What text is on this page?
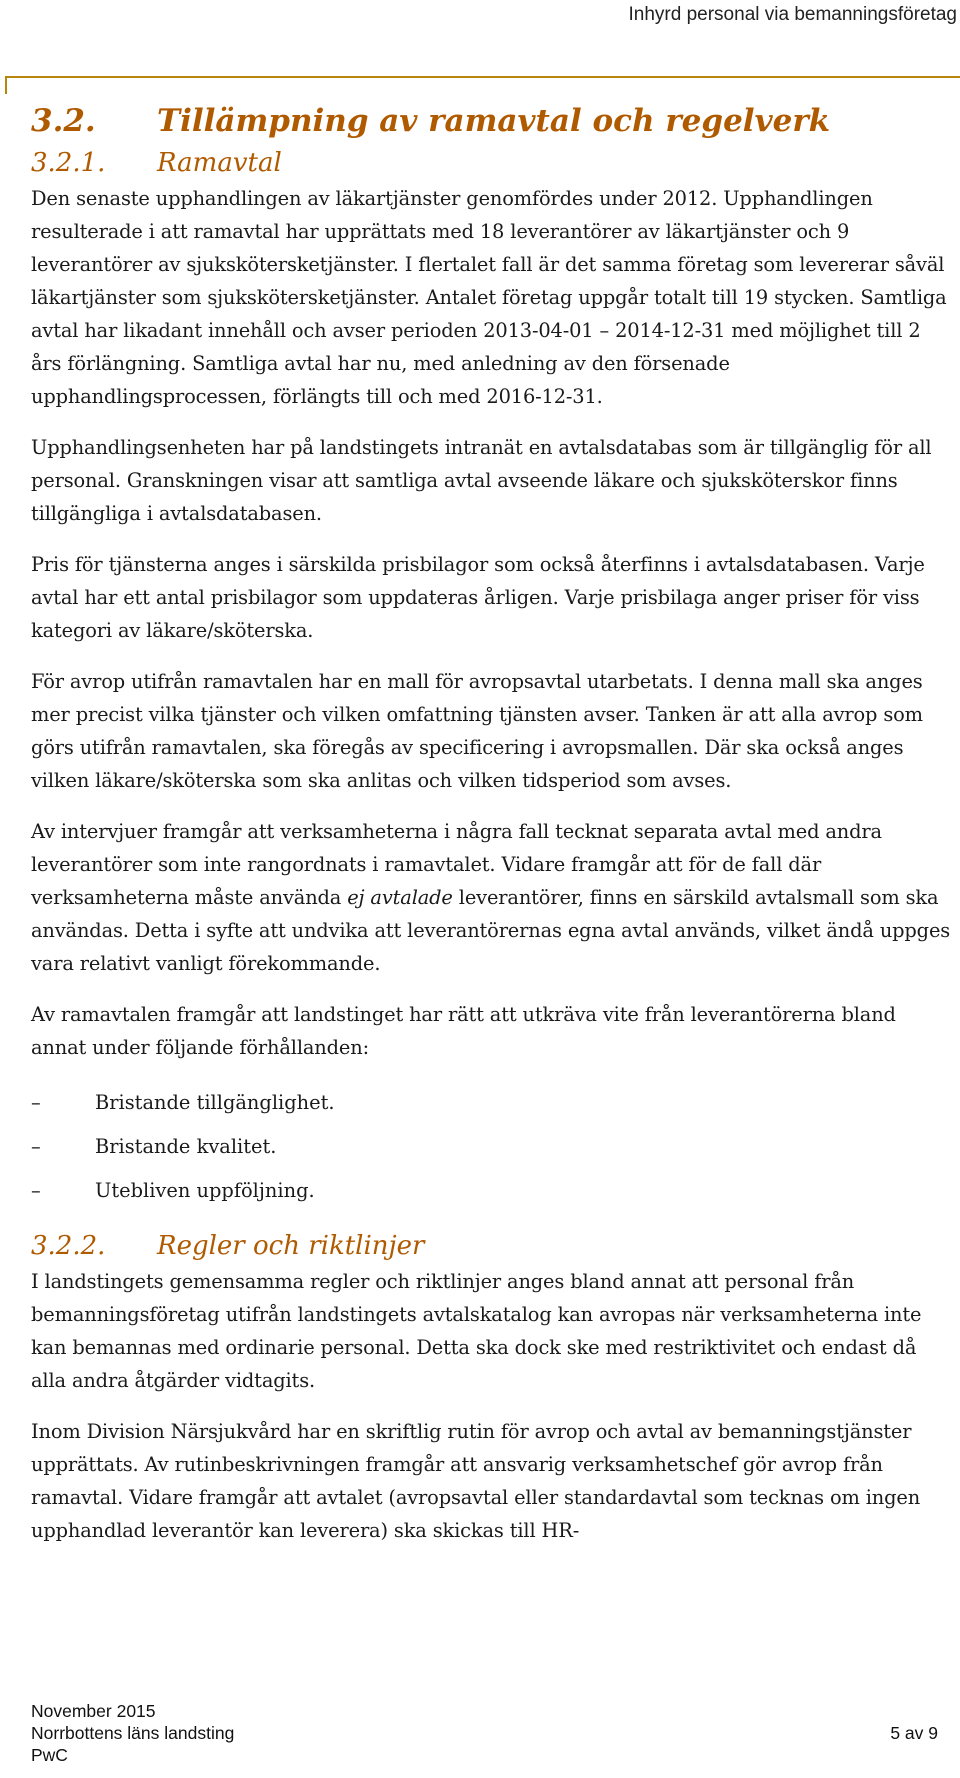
Inhyrd personal via bemanningsföretag
3.2. Tillämpning av ramavtal och regelverk
3.2.1. Ramavtal

Den senaste upphandlingen av läkartjänster genomfördes under 2012. Upphandlingen resulterade i att ramavtal har upprättats med 18 leverantörer av läkartjänster och 9 leverantörer av sjukskötersketjänster. I flertalet fall är det samma företag som levererar såväl läkartjänster som sjukskötersketjänster. Antalet företag uppgår totalt till 19 stycken. Samtliga avtal har likadant innehåll och avser perioden 2013-04-01 – 2014-12-31 med möjlighet till 2 års förlängning. Samtliga avtal har nu, med anledning av den försenade upphandlingsprocessen, förlängts till och med 2016-12-31.

Upphandlingsenheten har på landstingets intranät en avtalsdatabas som är tillgänglig för all personal. Granskningen visar att samtliga avtal avseende läkare och sjuksköterskor finns tillgängliga i avtalsdatabasen.

Pris för tjänsterna anges i särskilda prisbilagor som också återfinns i avtalsdatabasen. Varje avtal har ett antal prisbilagor som uppdateras årligen. Varje prisbilaga anger priser för viss kategori av läkare/sköterska.

För avrop utifrån ramavtalen har en mall för avropsavtal utarbetats. I denna mall ska anges mer precist vilka tjänster och vilken omfattning tjänsten avser. Tanken är att alla avrop som görs utifrån ramavtalen, ska föregås av specificering i avropsmallen. Där ska också anges vilken läkare/sköterska som ska anlitas och vilken tidsperiod som avses.

Av intervjuer framgår att verksamheterna i några fall tecknat separata avtal med andra leverantörer som inte rangordnats i ramavtalet. Vidare framgår att för de fall där verksamheterna måste använda ej avtalade leverantörer, finns en särskild avtalsmall som ska användas. Detta i syfte att undvika att leverantörernas egna avtal används, vilket ändå uppges vara relativt vanligt förekommande.

Av ramavtalen framgår att landstinget har rätt att utkräva vite från leverantörerna bland annat under följande förhållanden:

–	Bristande tillgänglighet.
–	Bristande kvalitet.
–	Utebliven uppföljning.
3.2.2. Regler och riktlinjer

I landstingets gemensamma regler och riktlinjer anges bland annat att personal från bemanningsföretag utifrån landstingets avtalskatalog kan avropas när verksamheterna inte kan bemannas med ordinarie personal. Detta ska dock ske med restriktivitet och endast då alla andra åtgärder vidtagits.

Inom Division Närsjukvård har en skriftlig rutin för avrop och avtal av bemanningstjänster upprättats. Av rutinbeskrivningen framgår att ansvarig verksamhetschef gör avrop från ramavtal. Vidare framgår att avtalet (avropsavtal eller standardavtal som tecknas om ingen upphandlad leverantör kan leverera) ska skickas till HR-

November 2015
Norrbottens läns landsting
PwC
5 av 9
